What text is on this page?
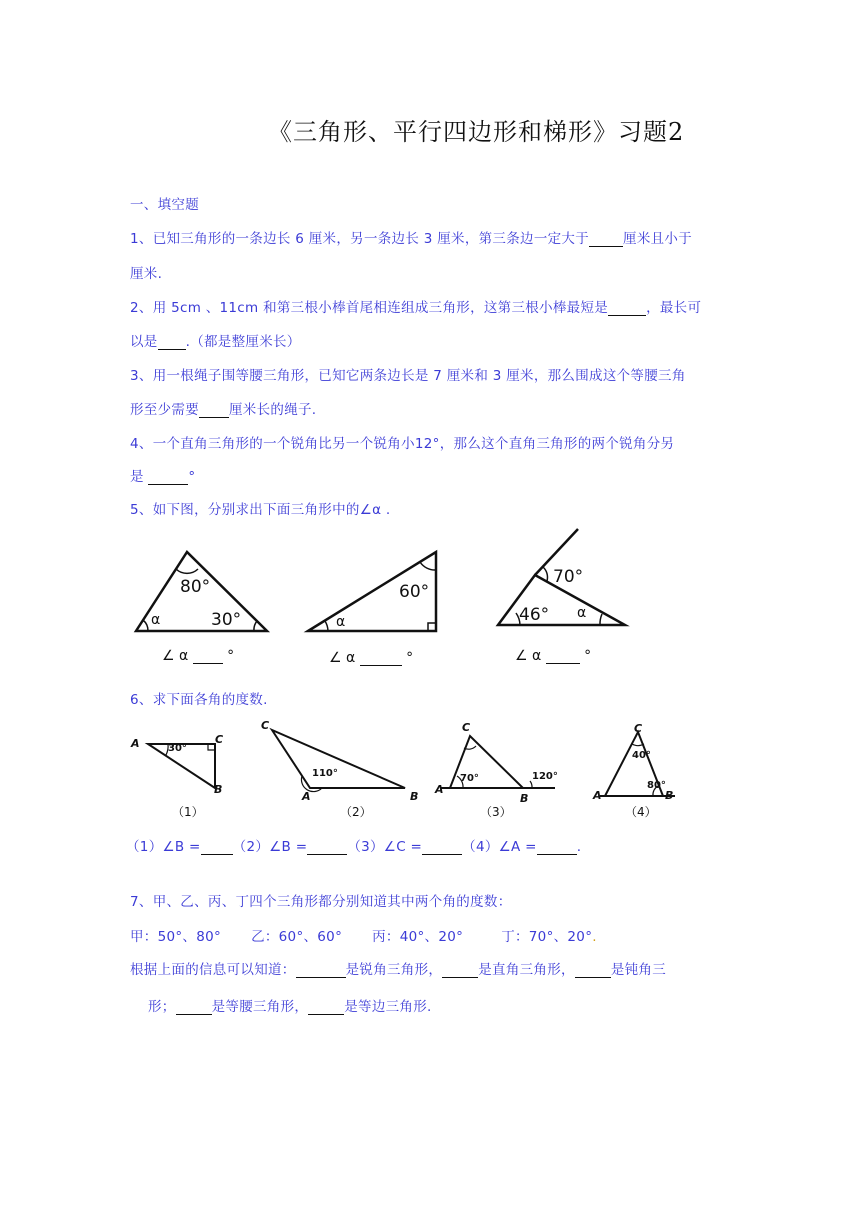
《三角形、平行四边形和梯形》习题2
一、填空题
1、已知三角形的一条边长 6 厘米，另一条边长 3 厘米，第三条边一定大于	厘米且小于
厘米.
2、用 5cm 、11cm 和第三根小棒首尾相连组成三角形，这第三根小棒最短是	，最长可
以是 .（都是整厘米长）
3、用一根绳子围等腰三角形，已知它两条边长是 7 厘米和 3 厘米，那么围成这个等腰三角
形至少需要 厘米长的绳子.
4、一个直角三角形的一个锐角比另一个锐角小12°，那么这个直角三角形的两个锐角分另
是	°
5、如下图，分别求出下面三角形中的∠α .
80°
30°
α
60°
α
70°
46° α
∠ α	°	∠ α	°	∠ α	°
6、求下面各角的度数.
A	C
B
30°
（1）
C
A	B
110°
（2）
C
A
B
70°	120°
（3）
C
A	B
40°
80°
（4）
（1）∠B = （2）∠B =	（3）∠C =	（4）∠A =	.
7、甲、乙、丙、丁四个三角形都分别知道其中两个角的度数：
甲：50°、80° 乙：60°、60° 丙：40°、20°	丁：70°、20°.
根据上面的信息可以知道：	是锐角三角形，	是直角三角形，	是钝角三
形；	是等腰三角形，	是等边三角形.
